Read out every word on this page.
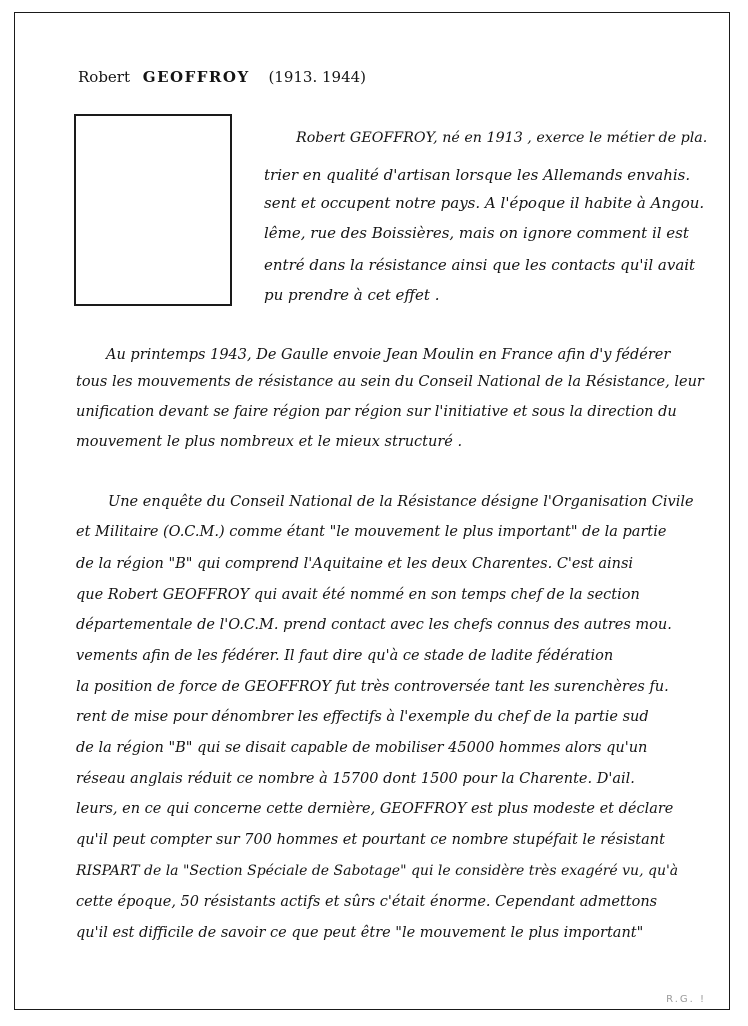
Robert GEOFFROY (1913. 1944)
Robert GEOFFROY, né en 1913 , exerce le métier de pla.
trier en qualité d'artisan lorsque les Allemands envahis.
sent et occupent notre pays. A l'époque il habite à Angou.
lême, rue des Boissières, mais on ignore comment il est
entré dans la résistance ainsi que les contacts qu'il avait
pu prendre à cet effet .
Au printemps 1943, De Gaulle envoie Jean Moulin en France afin d'y fédérer
tous les mouvements de résistance au sein du Conseil National de la Résistance, leur
unification devant se faire région par région sur l'initiative et sous la direction du
mouvement le plus nombreux et le mieux structuré .
Une enquête du Conseil National de la Résistance désigne l'Organisation Civile
et Militaire (O.C.M.) comme étant "le mouvement le plus important" de la partie
de la région "B" qui comprend l'Aquitaine et les deux Charentes. C'est ainsi
que Robert GEOFFROY qui avait été nommé en son temps chef de la section
départementale de l'O.C.M. prend contact avec les chefs connus des autres mou.
vements afin de les fédérer. Il faut dire qu'à ce stade de ladite fédération
la position de force de GEOFFROY fut très controversée tant les surenchères fu.
rent de mise pour dénombrer les effectifs à l'exemple du chef de la partie sud
de la région "B" qui se disait capable de mobiliser 45000 hommes alors qu'un
réseau anglais réduit ce nombre à 15700 dont 1500 pour la Charente. D'ail.
leurs, en ce qui concerne cette dernière, GEOFFROY est plus modeste et déclare
qu'il peut compter sur 700 hommes et pourtant ce nombre stupéfait le résistant
RISPART de la "Section Spéciale de Sabotage" qui le considère très exagéré vu, qu'à
cette époque, 50 résistants actifs et sûrs c'était énorme. Cependant admettons
qu'il est difficile de savoir ce que peut être "le mouvement le plus important"
R.G. !
